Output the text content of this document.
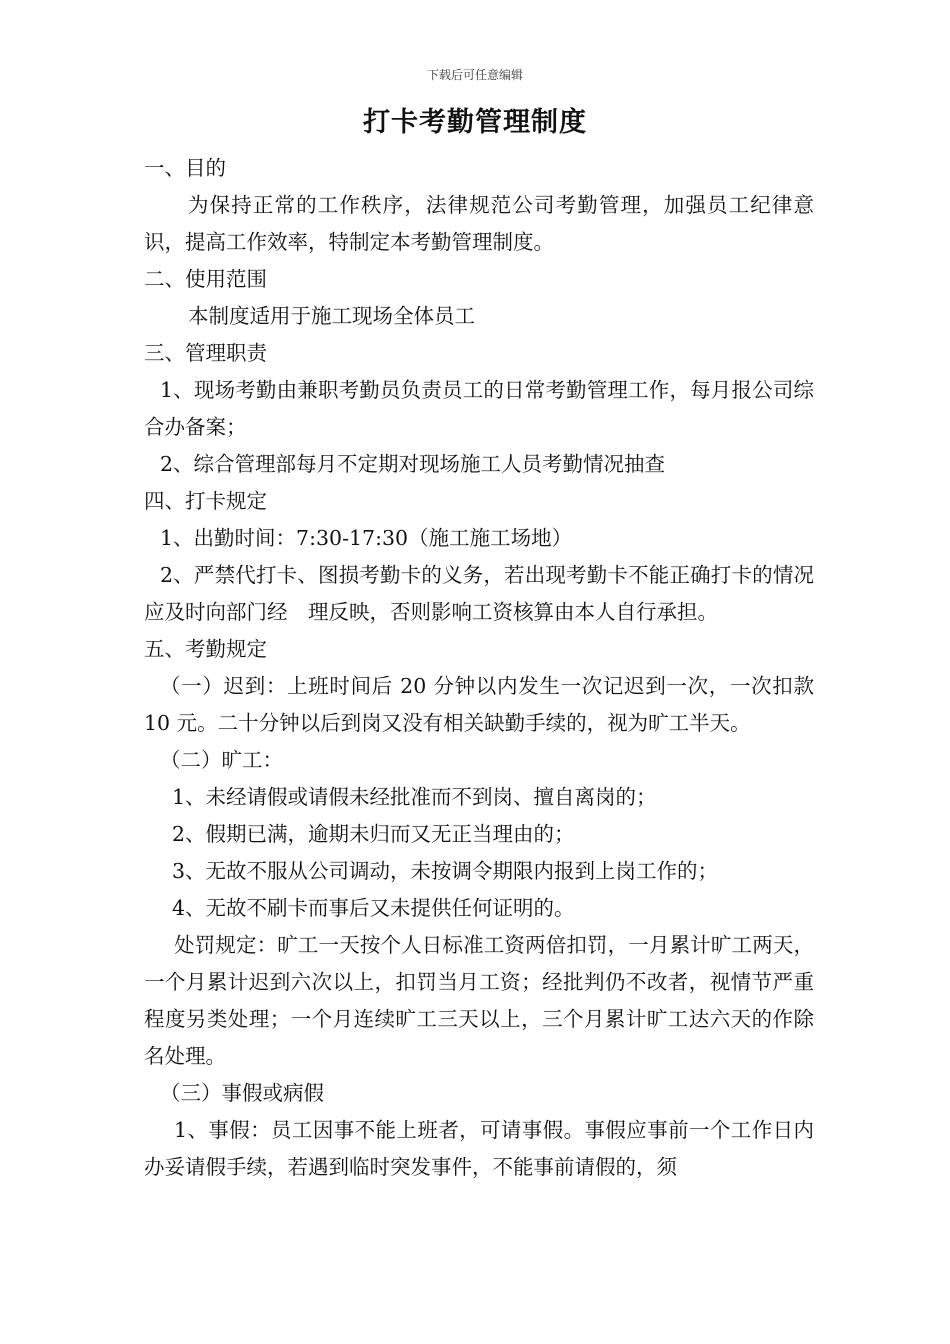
下载后可任意编辑
打卡考勤管理制度

一、目的

为保持正常的工作秩序，法律规范公司考勤管理，加强员工纪律意识，提高工作效率，特制定本考勤管理制度。

二、使用范围

本制度适用于施工现场全体员工

三、管理职责

1、现场考勤由兼职考勤员负责员工的日常考勤管理工作，每月报公司综合办备案；

2、综合管理部每月不定期对现场施工人员考勤情况抽查

四、打卡规定

1、出勤时间：7:30-17:30（施工施工场地）

2、严禁代打卡、图损考勤卡的义务，若出现考勤卡不能正确打卡的情况应及时向部门经　理反映，否则影响工资核算由本人自行承担。

五、考勤规定

（一）迟到：上班时间后 20 分钟以内发生一次记迟到一次，一次扣款 10 元。二十分钟以后到岗又没有相关缺勤手续的，视为旷工半天。

（二）旷工：

1、未经请假或请假未经批准而不到岗、擅自离岗的；

2、假期已满，逾期未归而又无正当理由的；

3、无故不服从公司调动，未按调令期限内报到上岗工作的；

4、无故不刷卡而事后又未提供任何证明的。

处罚规定：旷工一天按个人日标准工资两倍扣罚，一月累计旷工两天，一个月累计迟到六次以上，扣罚当月工资；经批判仍不改者，视情节严重程度另类处理；一个月连续旷工三天以上，三个月累计旷工达六天的作除名处理。

（三）事假或病假

1、事假：员工因事不能上班者，可请事假。事假应事前一个工作日内办妥请假手续，若遇到临时突发事件，不能事前请假的，须
